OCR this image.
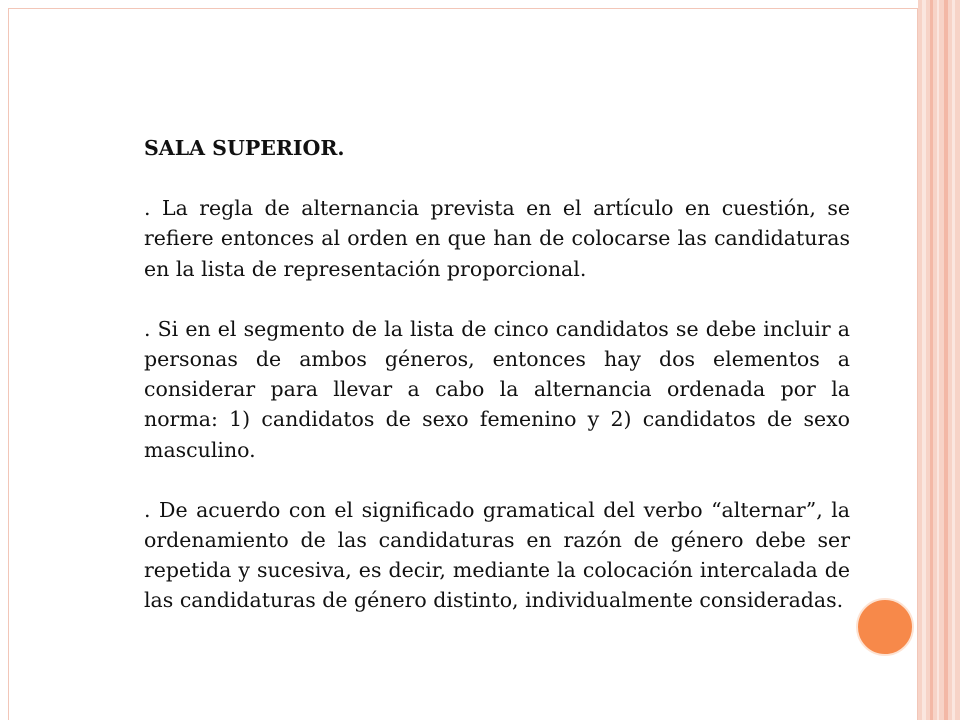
SALA SUPERIOR.

. La regla de alternancia prevista en el artículo en cuestión, se refiere entonces al orden en que han de colocarse las candidaturas en la lista de representación proporcional.

. Si en el segmento de la lista de cinco candidatos se debe incluir a personas de ambos géneros, entonces hay dos elementos a considerar para llevar a cabo la alternancia ordenada por la norma: 1) candidatos de sexo femenino y 2) candidatos de sexo masculino.

. De acuerdo con el significado gramatical del verbo “alternar”, la ordenamiento de las candidaturas en razón de género debe ser repetida y sucesiva, es decir, mediante la colocación intercalada de las candidaturas de género distinto, individualmente consideradas.
